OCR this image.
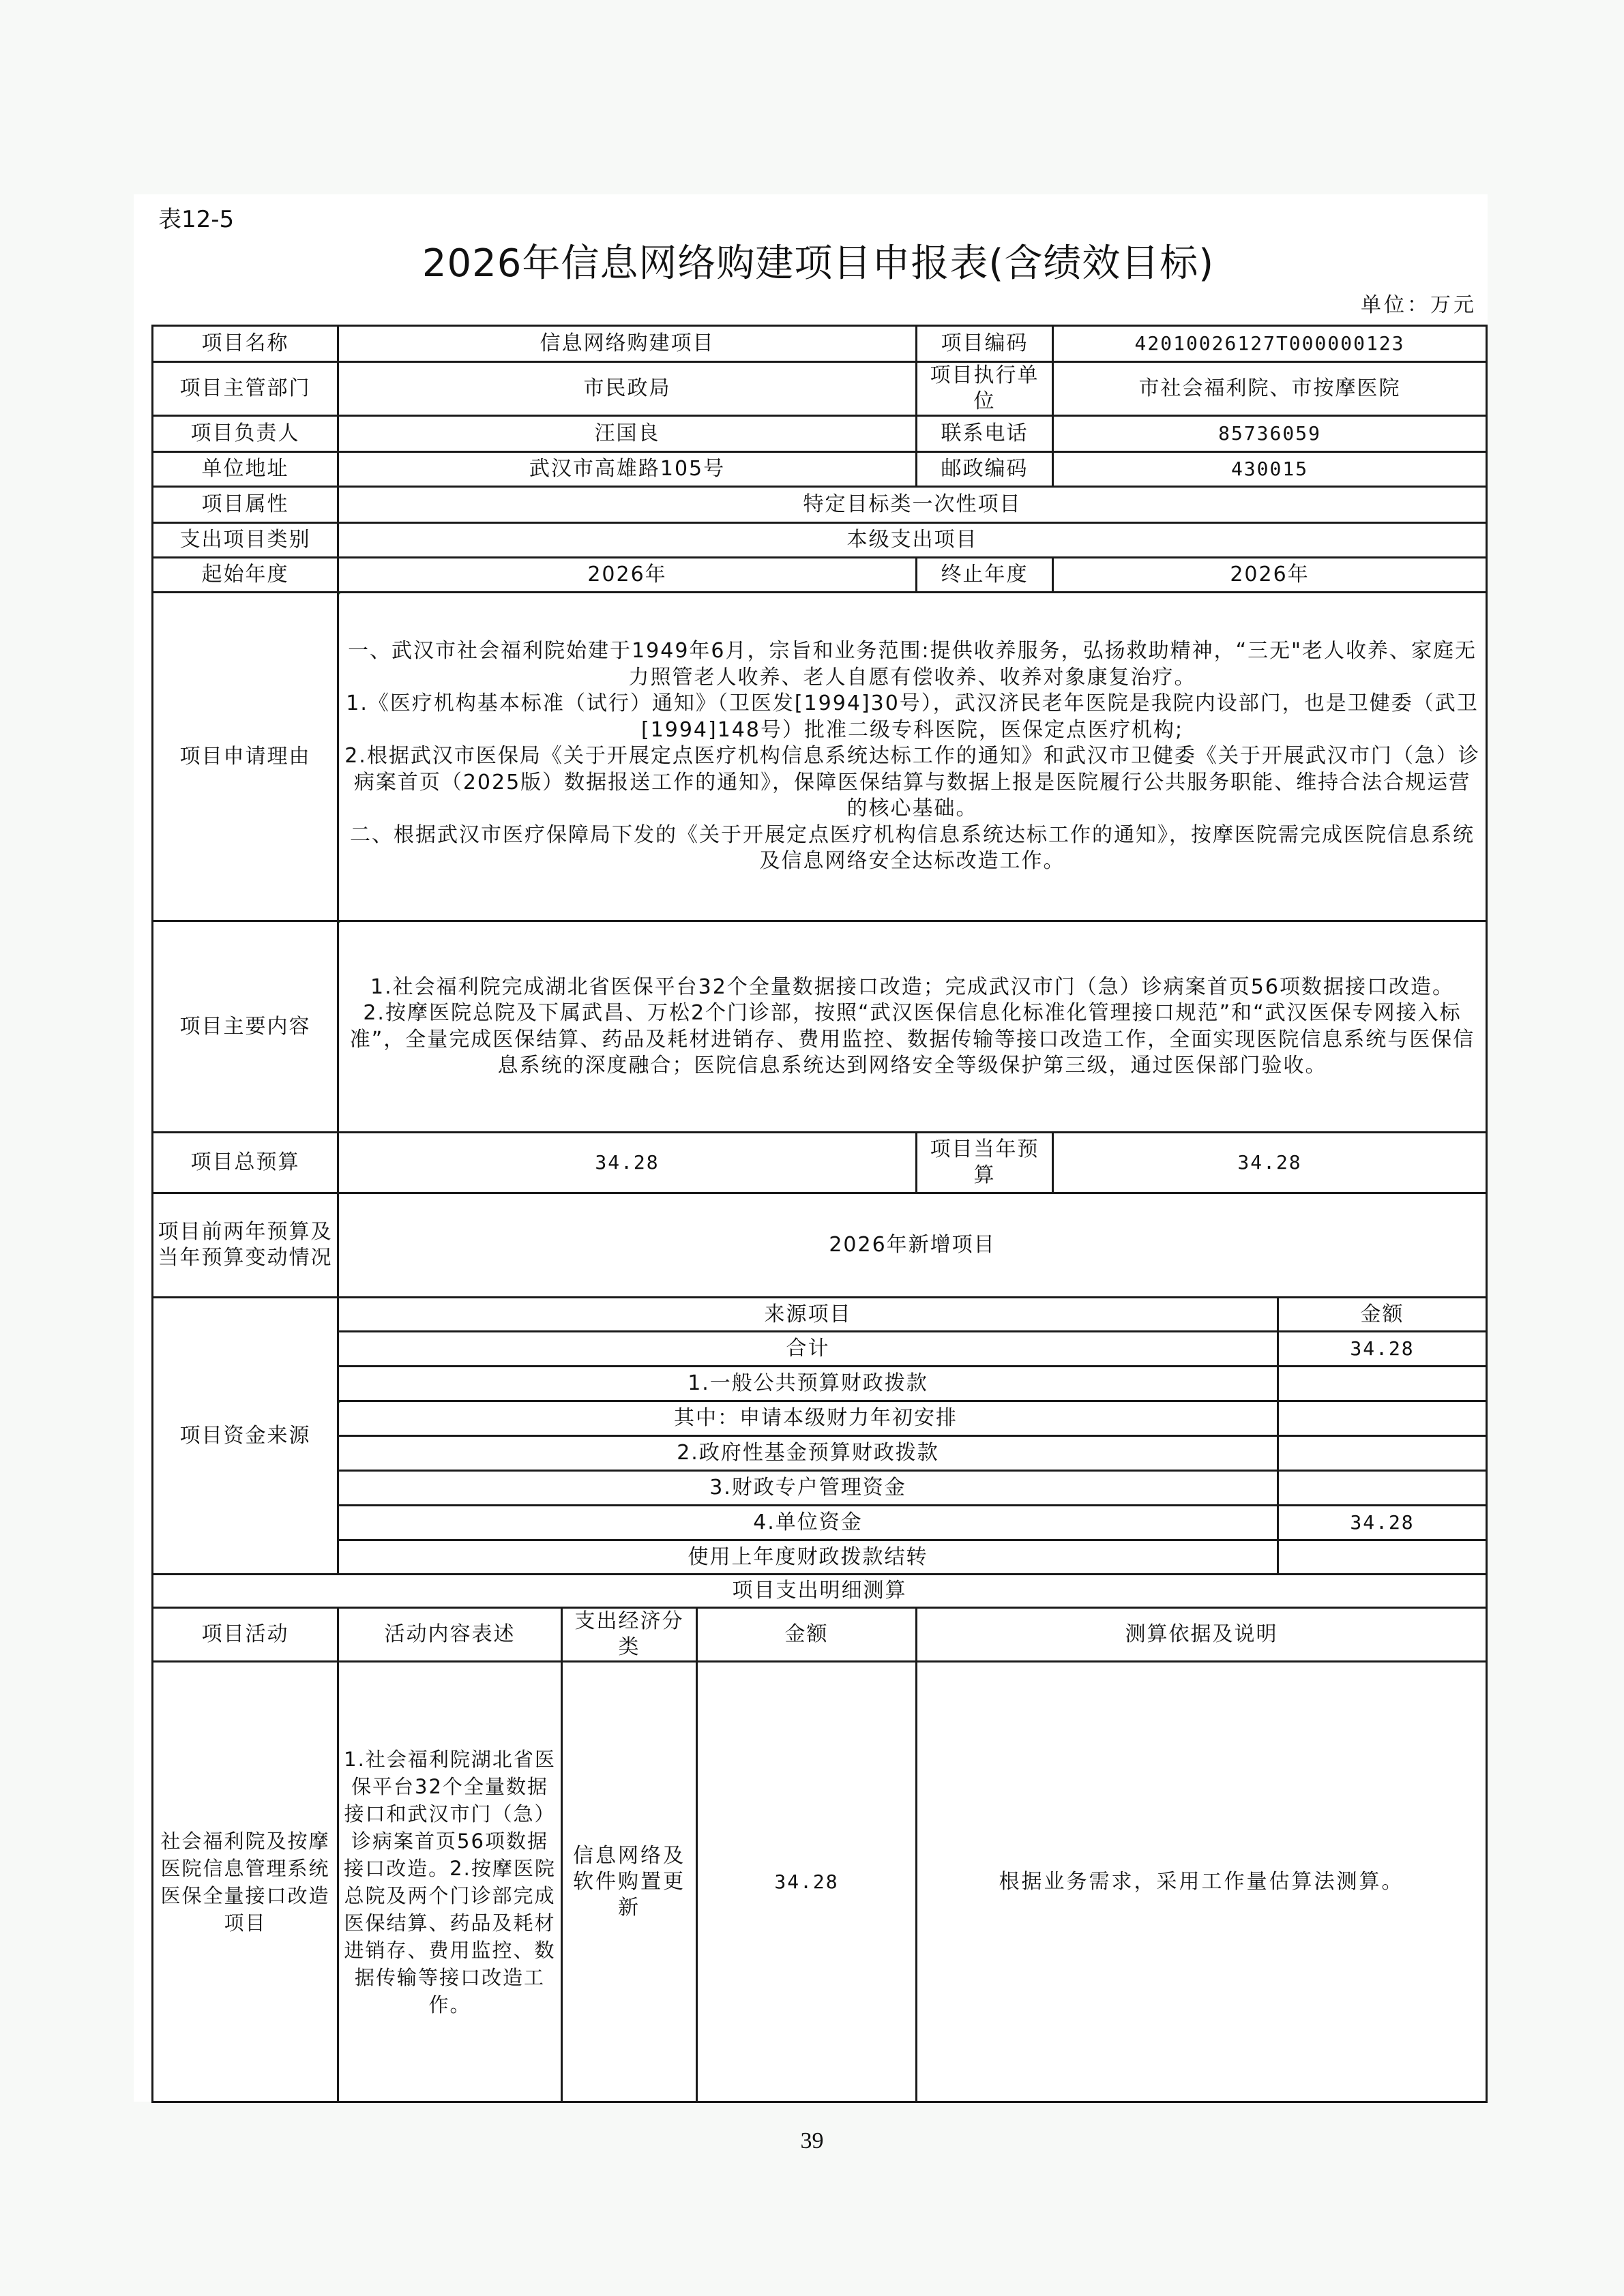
表12-5
2026年信息网络购建项目申报表(含绩效目标)
单位：万元
项目名称	信息网络购建项目			项目编码	42010026127T000000123	
项目主管部门	市民政局			项目执行单位	市社会福利院、市按摩医院	
项目负责人	汪国良			联系电话	85736059	
单位地址	武汉市高雄路105号			邮政编码	430015	
项目属性	特定目标类一次性项目					
支出项目类别	本级支出项目					
起始年度	2026年			终止年度	2026年	
项目申请理由	一、武汉市社会福利院始建于1949年6月，宗旨和业务范围:提供收养服务，弘扬救助精神，“三无"老人收养、家庭无力照管老人收养、老人自愿有偿收养、收养对象康复治疗。

1.《医疗机构基本标准（试行）通知》（卫医发[1994]30号），武汉济民老年医院是我院内设部门，也是卫健委（武卫[1994]148号）批准二级专科医院，医保定点医疗机构;

2.根据武汉市医保局《关于开展定点医疗机构信息系统达标工作的通知》和武汉市卫健委《关于开展武汉市门（急）诊病案首页（2025版）数据报送工作的通知》，保障医保结算与数据上报是医院履行公共服务职能、维持合法合规运营的核心基础。

二、根据武汉市医疗保障局下发的《关于开展定点医疗机构信息系统达标工作的通知》，按摩医院需完成医院信息系统及信息网络安全达标改造工作。					

项目主要内容	1.社会福利院完成湖北省医保平台32个全量数据接口改造；完成武汉市门（急）诊病案首页56项数据接口改造。

2.按摩医院总院及下属武昌、万松2个门诊部，按照“武汉医保信息化标准化管理接口规范”和“武汉医保专网接入标准”，全量完成医保结算、药品及耗材进销存、费用监控、数据传输等接口改造工作，全面实现医院信息系统与医保信息系统的深度融合；医院信息系统达到网络安全等级保护第三级，通过医保部门验收。					

项目总预算	34.28			项目当年预算	34.28	
项目前两年预算及当年预算变动情况	2026年新增项目					
项目资金来源	来源项目					金额
	合计					34.28
	1.一般公共预算财政拨款					
	其中：申请本级财力年初安排					
	2.政府性基金预算财政拨款					
	3.财政专户管理资金					
	4.单位资金					34.28
	使用上年度财政拨款结转					
项目支出明细测算						
项目活动	活动内容表述	支出经济分类	金额	测算依据及说明		
社会福利院及按摩医院信息管理系统医保全量接口改造项目	1.社会福利院湖北省医保平台32个全量数据接口和武汉市门（急）诊病案首页56项数据接口改造。2.按摩医院总院及两个门诊部完成医保结算、药品及耗材进销存、费用监控、数据传输等接口改造工作。	信息网络及软件购置更新	34.28	根据业务需求，采用工作量估算法测算。		
39
